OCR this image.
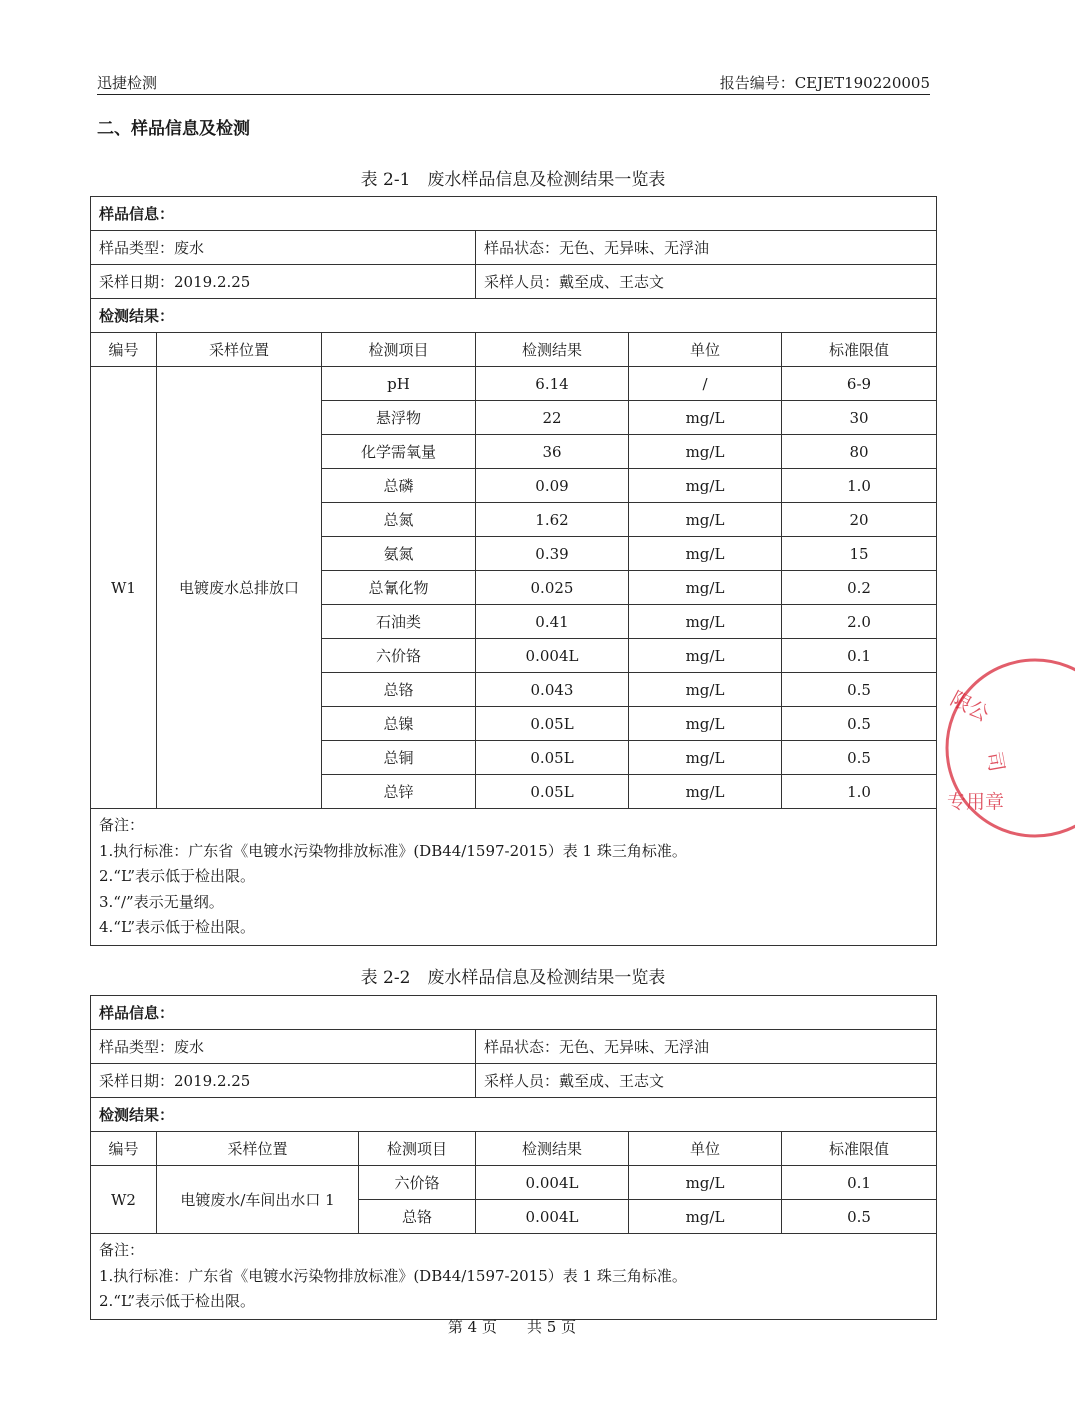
迅捷检测	报告编号：CEJET190220005
二、样品信息及检测
表 2-1　废水样品信息及检测结果一览表
样品信息：					
样品类型：废水			样品状态：无色、无异味、无浮油		
采样日期：2019.2.25			采样人员：戴至成、王志文		
检测结果：					
编号	采样位置	检测项目	检测结果	单位	标准限值
W1	电镀废水总排放口	pH	6.14	/	6-9
		悬浮物	22	mg/L	30
		化学需氧量	36	mg/L	80
		总磷	0.09	mg/L	1.0
		总氮	1.62	mg/L	20
		氨氮	0.39	mg/L	15
		总氰化物	0.025	mg/L	0.2
		石油类	0.41	mg/L	2.0
		六价铬	0.004L	mg/L	0.1
		总铬	0.043	mg/L	0.5
		总镍	0.05L	mg/L	0.5
		总铜	0.05L	mg/L	0.5
		总锌	0.05L	mg/L	1.0

备注：
1.执行标准：广东省《电镀水污染物排放标准》(DB44/1597-2015）表 1 珠三角标准。
2.“L”表示低于检出限。
3.“/”表示无量纲。
4.“L”表示低于检出限。					
表 2-2　废水样品信息及检测结果一览表
样品信息：					
样品类型：废水			样品状态：无色、无异味、无浮油		
采样日期：2019.2.25			采样人员：戴至成、王志文		
检测结果：					
编号	采样位置	检测项目	检测结果	单位	标准限值
W2	电镀废水/车间出水口 1	六价铬	0.004L	mg/L	0.1
		总铬	0.004L	mg/L	0.5

备注：
1.执行标准：广东省《电镀水污染物排放标准》(DB44/1597-2015）表 1 珠三角标准。
2.“L”表示低于检出限。					
第 4 页　　共 5 页
限公
司
专用章
